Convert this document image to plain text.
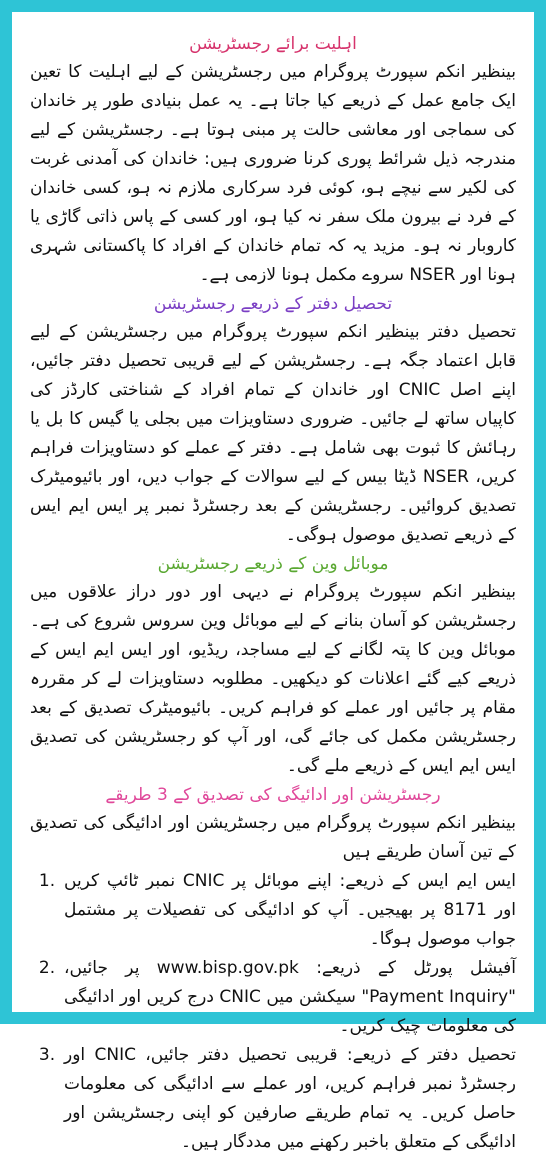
اہلیت برائے رجسٹریشن

بینظیر انکم سپورٹ پروگرام میں رجسٹریشن کے لیے اہلیت کا تعین ایک جامع عمل کے ذریعے کیا جاتا ہے۔ یہ عمل بنیادی طور پر خاندان کی سماجی اور معاشی حالت پر مبنی ہوتا ہے۔ رجسٹریشن کے لیے مندرجہ ذیل شرائط پوری کرنا ضروری ہیں: خاندان کی آمدنی غربت کی لکیر سے نیچے ہو، کوئی فرد سرکاری ملازم نہ ہو، کسی خاندان کے فرد نے بیرون ملک سفر نہ کیا ہو، اور کسی کے پاس ذاتی گاڑی یا کاروبار نہ ہو۔ مزید یہ کہ تمام خاندان کے افراد کا پاکستانی شہری ہونا اور NSER سروے مکمل ہونا لازمی ہے۔

تحصیل دفتر کے ذریعے رجسٹریشن

تحصیل دفتر بینظیر انکم سپورٹ پروگرام میں رجسٹریشن کے لیے قابل اعتماد جگہ ہے۔ رجسٹریشن کے لیے قریبی تحصیل دفتر جائیں، اپنے اصل CNIC اور خاندان کے تمام افراد کے شناختی کارڈز کی کاپیاں ساتھ لے جائیں۔ ضروری دستاویزات میں بجلی یا گیس کا بل یا رہائش کا ثبوت بھی شامل ہے۔ دفتر کے عملے کو دستاویزات فراہم کریں، NSER ڈیٹا بیس کے لیے سوالات کے جواب دیں، اور بائیومیٹرک تصدیق کروائیں۔ رجسٹریشن کے بعد رجسٹرڈ نمبر پر ایس ایم ایس کے ذریعے تصدیق موصول ہوگی۔

موبائل وین کے ذریعے رجسٹریشن

بینظیر انکم سپورٹ پروگرام نے دیہی اور دور دراز علاقوں میں رجسٹریشن کو آسان بنانے کے لیے موبائل وین سروس شروع کی ہے۔ موبائل وین کا پتہ لگانے کے لیے مساجد، ریڈیو، اور ایس ایم ایس کے ذریعے کیے گئے اعلانات کو دیکھیں۔ مطلوبہ دستاویزات لے کر مقررہ مقام پر جائیں اور عملے کو فراہم کریں۔ بائیومیٹرک تصدیق کے بعد رجسٹریشن مکمل کی جائے گی، اور آپ کو رجسٹریشن کی تصدیق ایس ایم ایس کے ذریعے ملے گی۔

رجسٹریشن اور ادائیگی کی تصدیق کے 3 طریقے

بینظیر انکم سپورٹ پروگرام میں رجسٹریشن اور ادائیگی کی تصدیق کے تین آسان طریقے ہیں

1. ایس ایم ایس کے ذریعے: اپنے موبائل پر CNIC نمبر ٹائپ کریں اور 8171 پر بھیجیں۔ آپ کو ادائیگی کی تفصیلات پر مشتمل جواب موصول ہوگا۔
2. آفیشل پورٹل کے ذریعے: www.bisp.gov.pk پر جائیں، "Payment Inquiry" سیکشن میں CNIC درج کریں اور ادائیگی کی معلومات چیک کریں۔
3. تحصیل دفتر کے ذریعے: قریبی تحصیل دفتر جائیں، CNIC اور رجسٹرڈ نمبر فراہم کریں، اور عملے سے ادائیگی کی معلومات حاصل کریں۔ یہ تمام طریقے صارفین کو اپنی رجسٹریشن اور ادائیگی کے متعلق باخبر رکھنے میں مددگار ہیں۔
